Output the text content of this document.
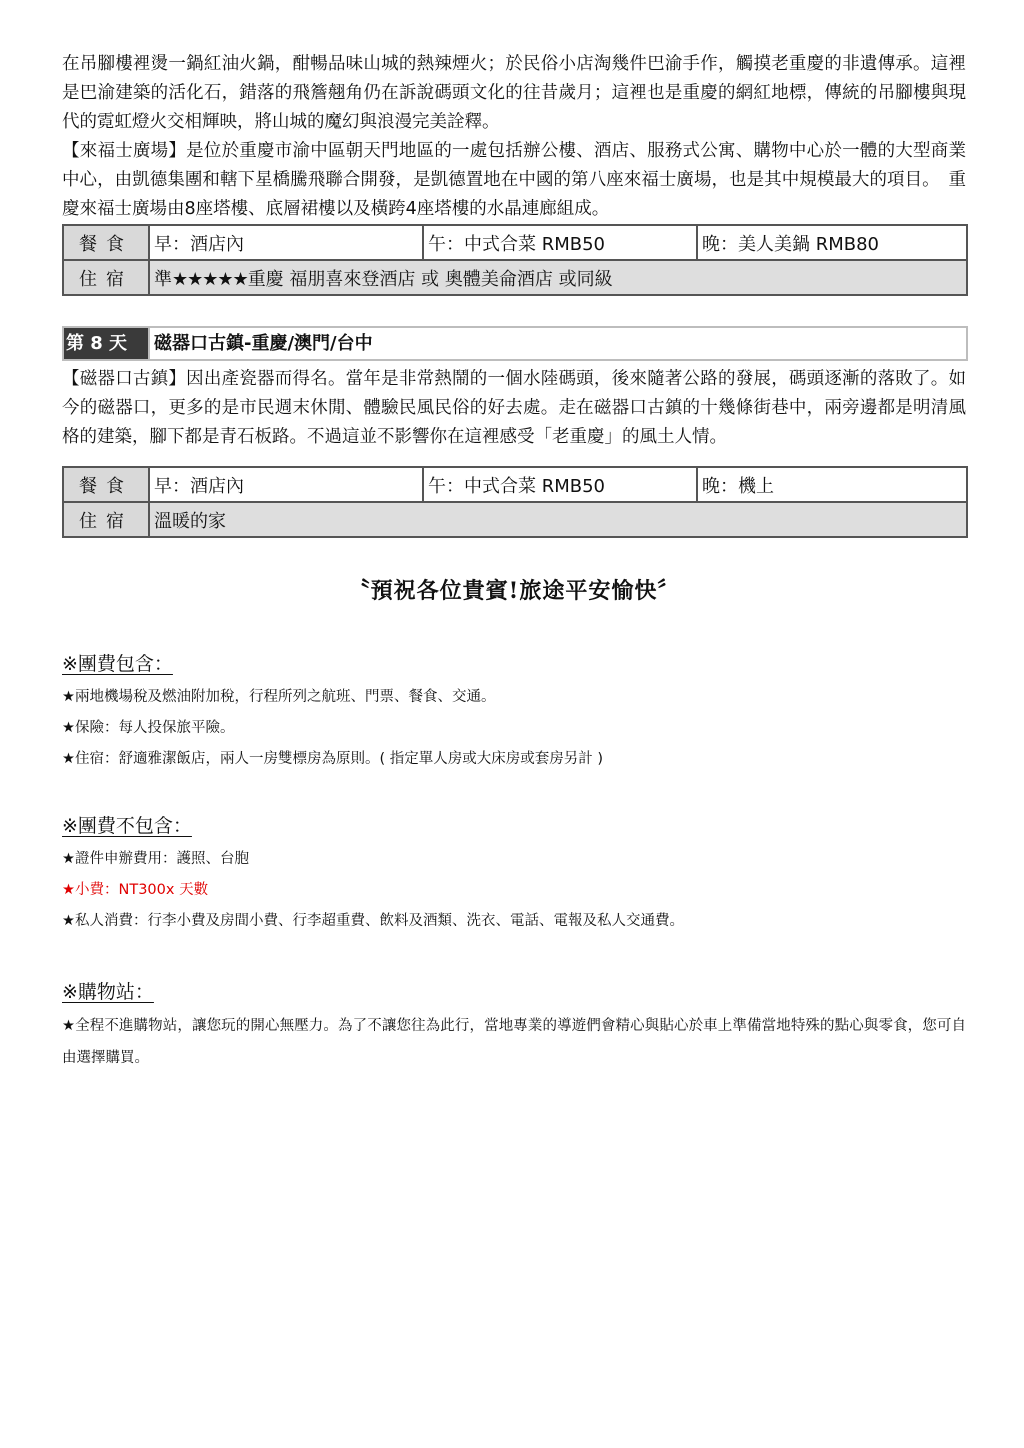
在吊腳樓裡燙一鍋紅油火鍋，酣暢品味山城的熱辣煙火；於民俗小店淘幾件巴渝手作，觸摸老重慶的非遺傳承。這裡是巴渝建築的活化石，錯落的飛簷翹角仍在訴說碼頭文化的往昔歲月；這裡也是重慶的網紅地標，傳統的吊腳樓與現代的霓虹燈火交相輝映，將山城的魔幻與浪漫完美詮釋。

【來福士廣場】是位於重慶市渝中區朝天門地區的一處包括辦公樓、酒店、服務式公寓、購物中心於一體的大型商業中心，由凱德集團和轄下星橋騰飛聯合開發，是凱德置地在中國的第八座來福士廣場，也是其中規模最大的項目。　重慶來福士廣場由8座塔樓、底層裙樓以及橫跨4座塔樓的水晶連廊組成。

餐食	早：酒店內	午：中式合菜 RMB50	晚：美人美鍋 RMB80
住宿	準★★★★★重慶 福朋喜來登酒店 或 奧體美侖酒店 或同級		
第 8 天	磁器口古鎮-重慶/澳門/台中

【磁器口古鎮】因出產瓷器而得名。當年是非常熱鬧的一個水陸碼頭，後來隨著公路的發展，碼頭逐漸的落敗了。如今的磁器口，更多的是市民週末休閒、體驗民風民俗的好去處。走在磁器口古鎮的十幾條街巷中，兩旁邊都是明清風格的建築，腳下都是青石板路。不過這並不影響你在這裡感受「老重慶」的風土人情。

餐食	早：酒店內	午：中式合菜 RMB50	晚：機上
住宿	溫暖的家		

〝預祝各位貴賓!旅途平安愉快〞

※團費包含：

★兩地機場稅及燃油附加稅，行程所列之航班、門票、餐食、交通。

★保險：每人投保旅平險。

★住宿：舒適雅潔飯店，兩人一房雙標房為原則。( 指定單人房或大床房或套房另計 )

※團費不包含：

★證件申辦費用：護照、台胞

★小費：NT300x 天數

★私人消費：行李小費及房間小費、行李超重費、飲料及酒類、洗衣、電話、電報及私人交通費。

※購物站：

★全程不進購物站，讓您玩的開心無壓力。為了不讓您往為此行，當地專業的導遊們會精心與貼心於車上準備當地特殊的點心與零食，您可自由選擇購買。
